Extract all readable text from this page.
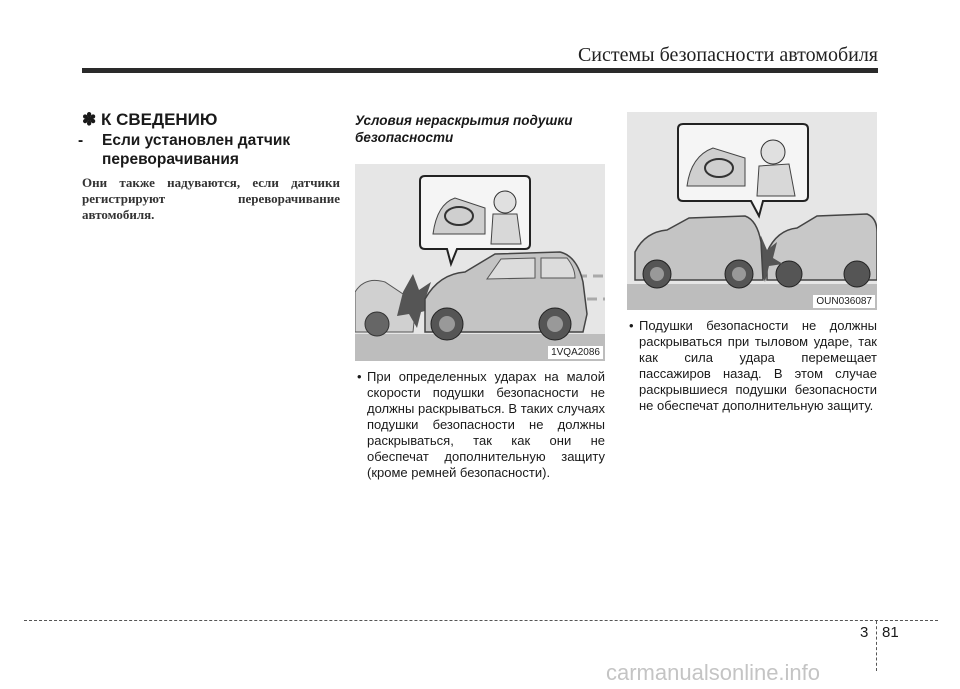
Системы безопасности автомобиля
✽ К СВЕДЕНИЮ
- Если установлен датчик переворачивания
Они также надуваются, если датчики регистрируют переворачивание автомобиля.
Условия нераскрытия подушки безопасности
1VQA2086
• При определенных ударах на малой скорости подушки безопасности не должны раскрываться. В таких случаях подушки безопасности не должны раскрываться, так как они не обеспечат дополнительную защиту (кроме ремней безопасности).
OUN036087
• Подушки безопасности не должны раскрываться при тыловом ударе, так как сила удара перемещает пассажиров назад. В этом случае раскрывшиеся подушки безопасности не обеспечат дополнительную защиту.
3 81
carmanualsonline.info
